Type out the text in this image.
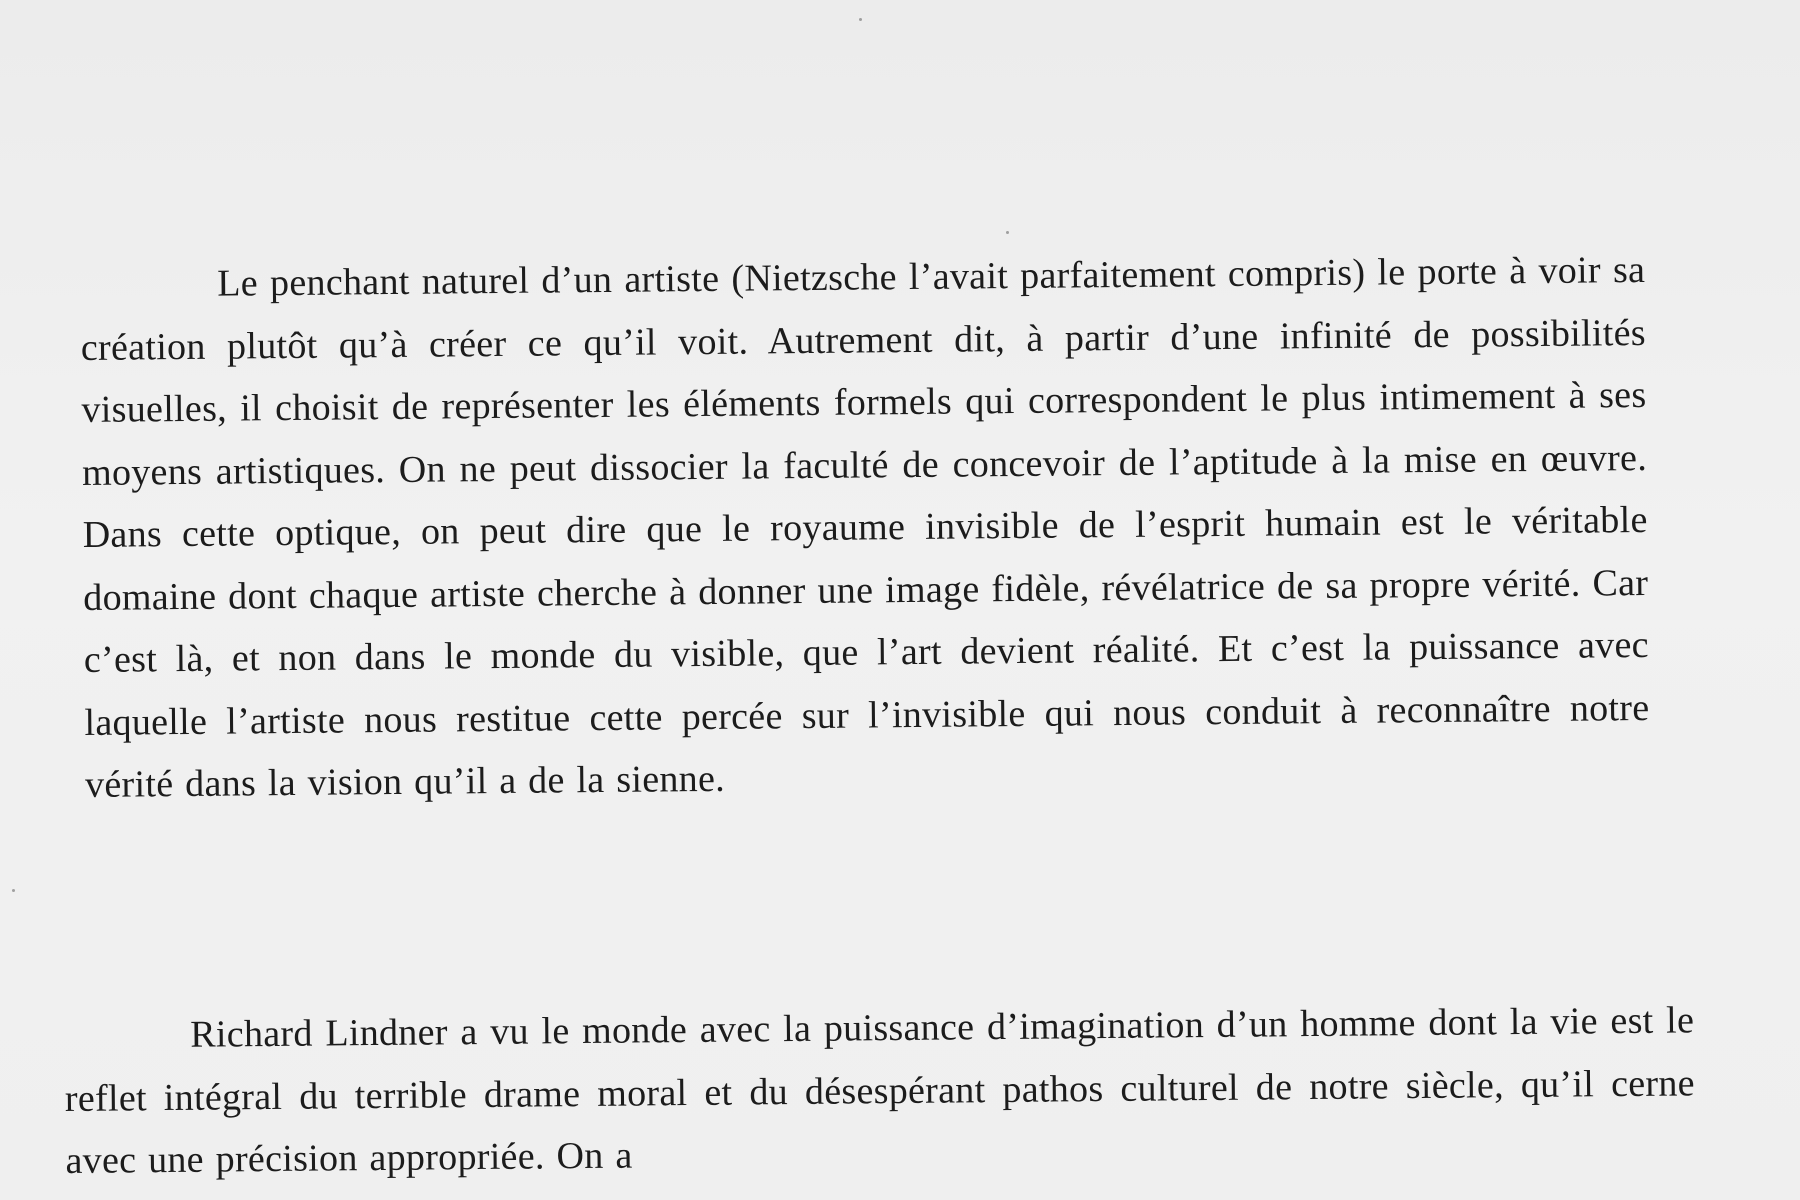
Le penchant naturel d’un artiste (Nietzsche l’avait parfaitement compris) le porte à voir sa création plutôt qu’à créer ce qu’il voit. Autrement dit, à partir d’une infinité de possibilités visuelles, il choisit de représenter les éléments formels qui correspondent le plus intimement à ses moyens artistiques. On ne peut dissocier la faculté de concevoir de l’aptitude à la mise en œuvre. Dans cette optique, on peut dire que le royaume invisible de l’esprit humain est le véritable domaine dont chaque artiste cherche à donner une image fidèle, révélatrice de sa propre vérité. Car c’est là, et non dans le monde du visible, que l’art devient réalité. Et c’est la puissance avec laquelle l’artiste nous restitue cette percée sur l’invisible qui nous conduit à reconnaître notre vérité dans la vision qu’il a de la sienne.

Richard Lindner a vu le monde avec la puissance d’imagination d’un homme dont la vie est le reflet intégral du terrible drame moral et du désespérant pathos culturel de notre siècle, qu’il cerne avec une précision appropriée. On a
